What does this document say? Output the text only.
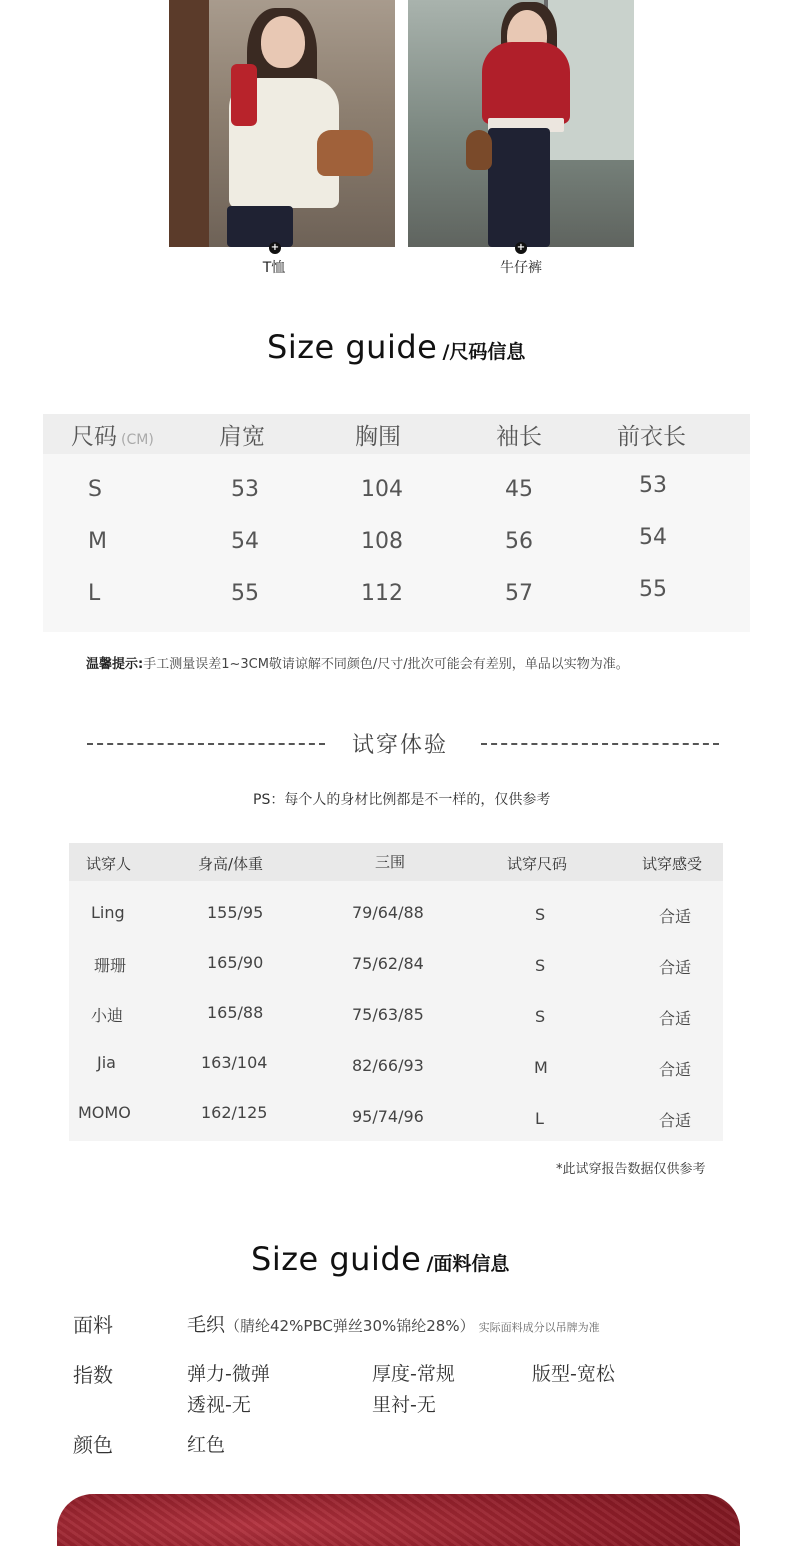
+	+
T恤	牛仔裤
Size guide /尺码信息
尺码 (CM)	肩宽	胸围	袖长	前衣长
S	53	104	45	53
M	54	108	56	54
L	55	112	57	55
温馨提示:手工测量误差1~3CM敬请谅解不同颜色/尺寸/批次可能会有差别，单品以实物为准。
试穿体验
PS：每个人的身材比例都是不一样的，仅供参考
试穿人	身高/体重	三围	试穿尺码	试穿感受
Ling	155/95	79/64/88	S	合适
珊珊	165/90	75/62/84	S	合适
小迪	165/88	75/63/85	S	合适
Jia	163/104	82/66/93	M	合适
MOMO	162/125	95/74/96	L	合适
*此试穿报告数据仅供参考
Size guide /面料信息
面料	毛织（腈纶42%PBC弹丝30%锦纶28%） 实际面料成分以吊牌为准
指数	弹力-微弹	厚度-常规	版型-宽松
透视-无	里衬-无
颜色	红色
